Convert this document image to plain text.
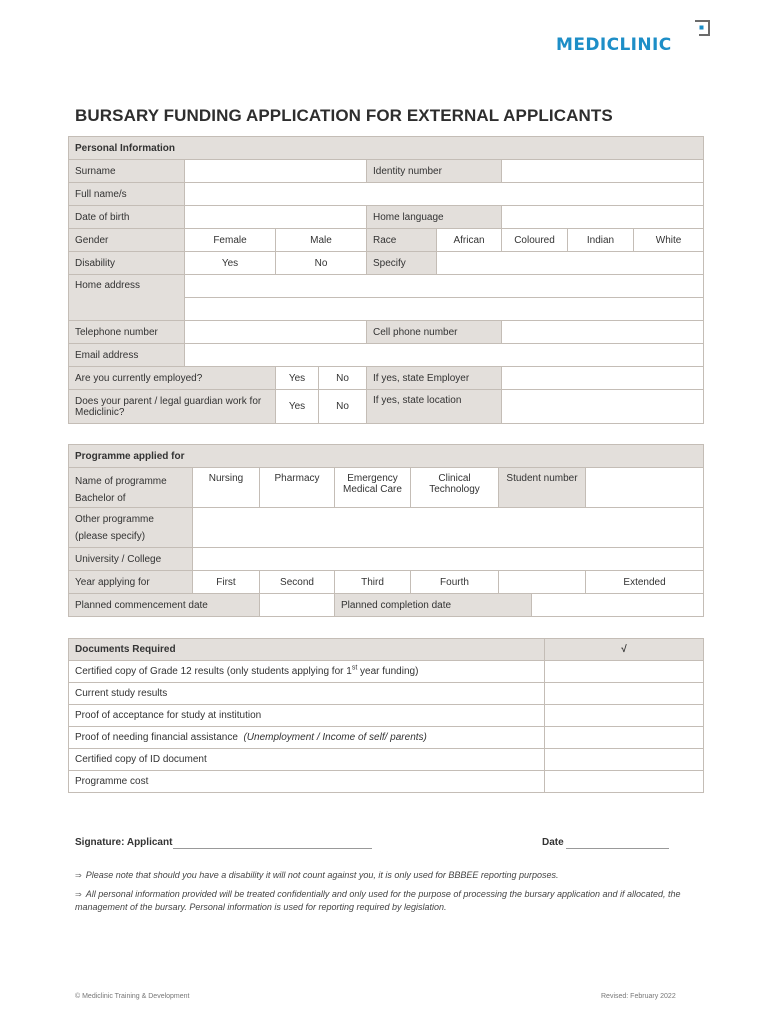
MEDICLINIC
BURSARY FUNDING APPLICATION FOR EXTERNAL APPLICANTS
Personal Information								
Surname				Identity number				
Full name/s								
Date of birth				Home language				
Gender	Female	Male		Race	African	Coloured	Indian	White
Disability	Yes	No		Specify				
Home address								

Telephone number				Cell phone number				
Email address								
Are you currently employed?		Yes	No	If yes, state Employer				
Does your parent / legal guardian work for Mediclinic?		Yes	No	If yes, state location				
Programme applied for							

Name of programme
Bachelor of	Nursing	Pharmacy	Emergency Medical Care	Clinical Technology	Student number		

Other programme
(please specify)							

University / College							
Year applying for	First	Second	Third	Fourth			Extended
Planned commencement date			Planned completion date				
Documents Required	√
Certified copy of Grade 12 results (only students applying for 1st year funding)	
Current study results	
Proof of acceptance for study at institution	
Proof of needing financial assistance (Unemployment / Income of self/ parents)	
Certified copy of ID document	
Programme cost	
Signature: Applicant	Date
⇒ Please note that should you have a disability it will not count against you, it is only used for BBBEE reporting purposes.
⇒ All personal information provided will be treated confidentially and only used for the purpose of processing the bursary application and if allocated, the management of the bursary. Personal information is used for reporting required by legislation.
© Mediclinic Training & Development	Revised: February 2022
